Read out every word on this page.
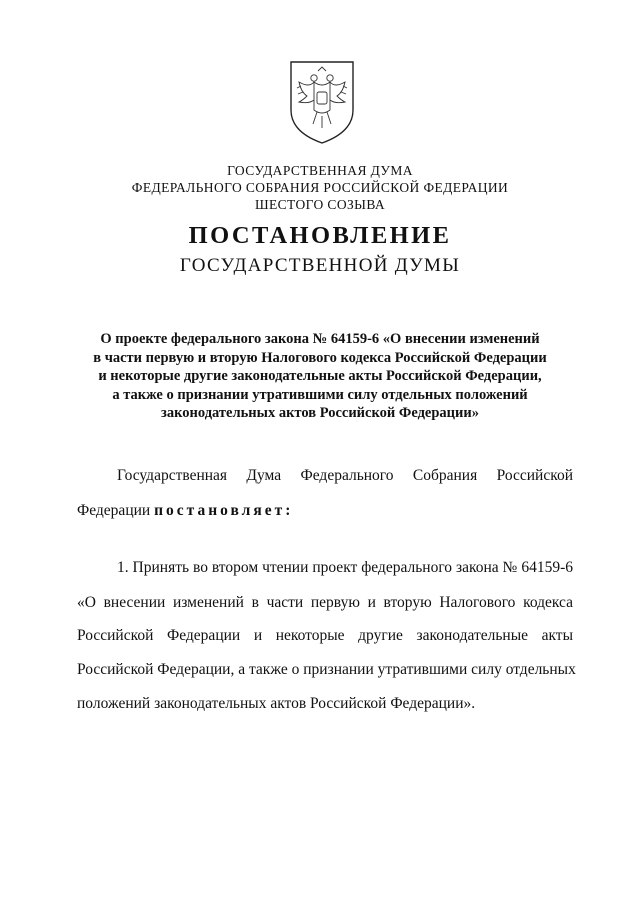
ГОСУДАРСТВЕННАЯ ДУМА
ФЕДЕРАЛЬНОГО СОБРАНИЯ РОССИЙСКОЙ ФЕДЕРАЦИИ
ШЕСТОГО СОЗЫВА
ПОСТАНОВЛЕНИЕ
ГОСУДАРСТВЕННОЙ ДУМЫ
О проекте федерального закона № 64159-6 «О внесении изменений
в части первую и вторую Налогового кодекса Российской Федерации
и некоторые другие законодательные акты Российской Федерации,
а также о признании утратившими силу отдельных положений
законодательных актов Российской Федерации»
Государственная Дума Федерального Собрания Российской
Федерации постановляет:
1. Принять во втором чтении проект федерального закона № 64159-6
«О внесении изменений в части первую и вторую Налогового кодекса
Российской Федерации и некоторые другие законодательные акты
Российской Федерации, а также о признании утратившими силу отдельных
положений законодательных актов Российской Федерации».
